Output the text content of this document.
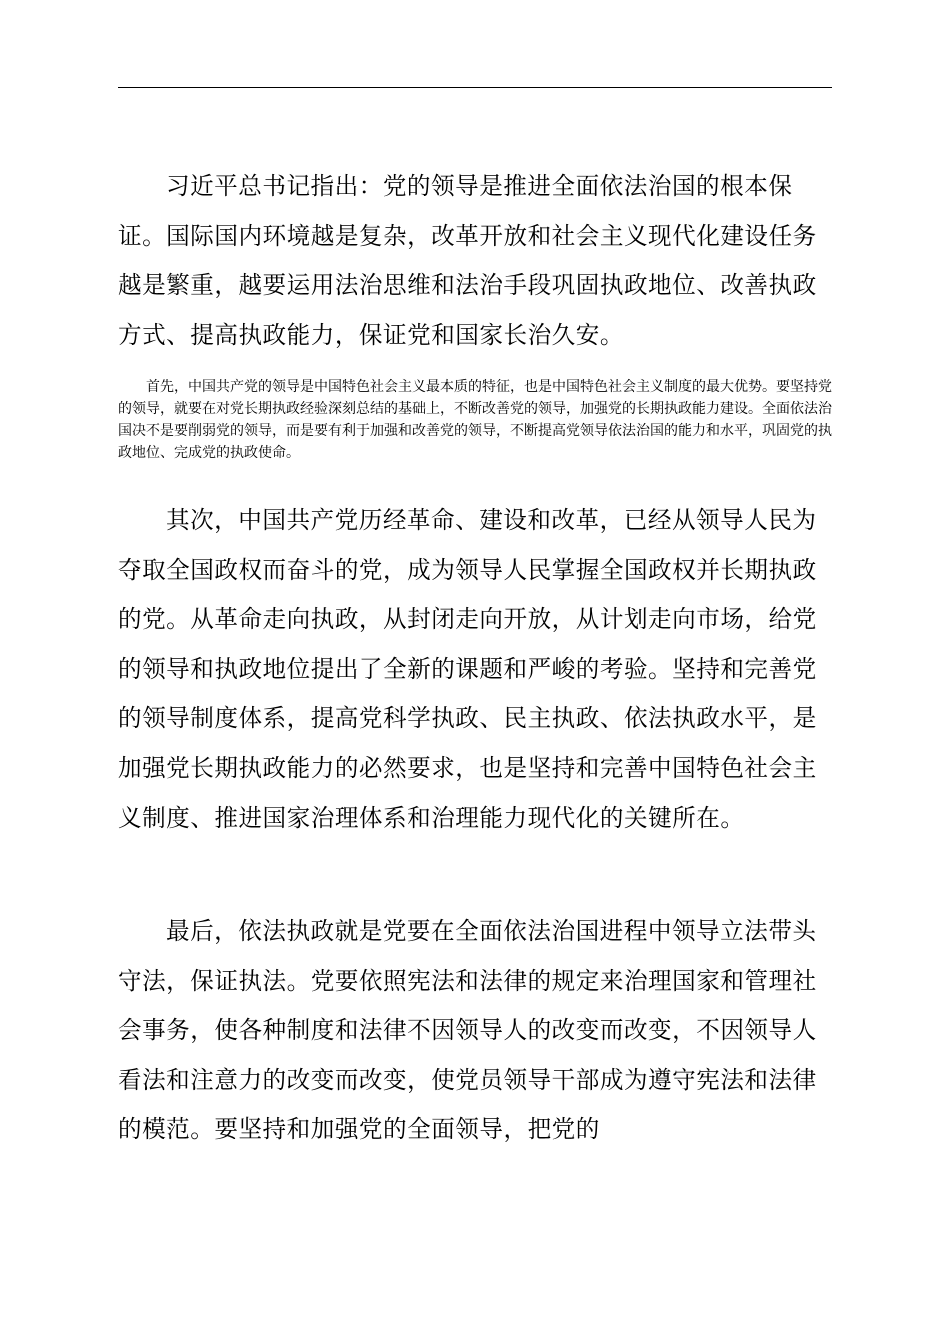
习近平总书记指出：党的领导是推进全面依法治国的根本保证。国际国内环境越是复杂，改革开放和社会主义现代化建设任务越是繁重，越要运用法治思维和法治手段巩固执政地位、改善执政方式、提高执政能力，保证党和国家长治久安。

首先，中国共产党的领导是中国特色社会主义最本质的特征，也是中国特色社会主义制度的最大优势。要坚持党的领导，就要在对党长期执政经验深刻总结的基础上，不断改善党的领导，加强党的长期执政能力建设。全面依法治国决不是要削弱党的领导，而是要有利于加强和改善党的领导，不断提高党领导依法治国的能力和水平，巩固党的执政地位、完成党的执政使命。

其次，中国共产党历经革命、建设和改革，已经从领导人民为夺取全国政权而奋斗的党，成为领导人民掌握全国政权并长期执政的党。从革命走向执政，从封闭走向开放，从计划走向市场，给党的领导和执政地位提出了全新的课题和严峻的考验。坚持和完善党的领导制度体系，提高党科学执政、民主执政、依法执政水平，是加强党长期执政能力的必然要求，也是坚持和完善中国特色社会主义制度、推进国家治理体系和治理能力现代化的关键所在。

最后，依法执政就是党要在全面依法治国进程中领导立法带头守法，保证执法。党要依照宪法和法律的规定来治理国家和管理社会事务，使各种制度和法律不因领导人的改变而改变，不因领导人看法和注意力的改变而改变，使党员领导干部成为遵守宪法和法律的模范。要坚持和加强党的全面领导，把党的
